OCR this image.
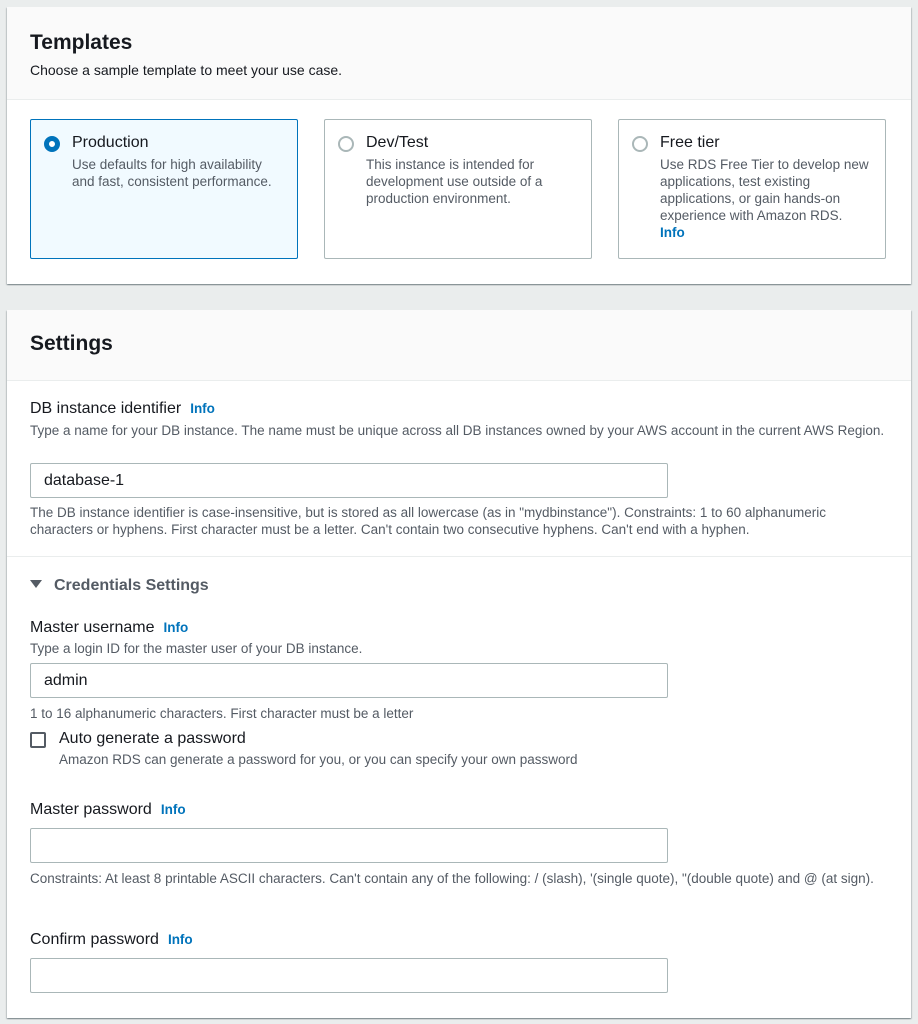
Templates
Choose a sample template to meet your use case.
Production
Use defaults for high availability and fast, consistent performance.
Dev/Test
This instance is intended for development use outside of a production environment.
Free tier
Use RDS Free Tier to develop new applications, test existing applications, or gain hands-on experience with Amazon RDS.
Info
Settings
DB instance identifier Info
Type a name for your DB instance. The name must be unique across all DB instances owned by your AWS account in the current AWS Region.
database-1
The DB instance identifier is case-insensitive, but is stored as all lowercase (as in "mydbinstance"). Constraints: 1 to 60 alphanumeric characters or hyphens. First character must be a letter. Can't contain two consecutive hyphens. Can't end with a hyphen.
Credentials Settings
Master username Info
Type a login ID for the master user of your DB instance.
admin
1 to 16 alphanumeric characters. First character must be a letter
Auto generate a password
Amazon RDS can generate a password for you, or you can specify your own password
Master password Info
Constraints: At least 8 printable ASCII characters. Can't contain any of the following: / (slash), '(single quote), "(double quote) and @ (at sign).
Confirm password Info
